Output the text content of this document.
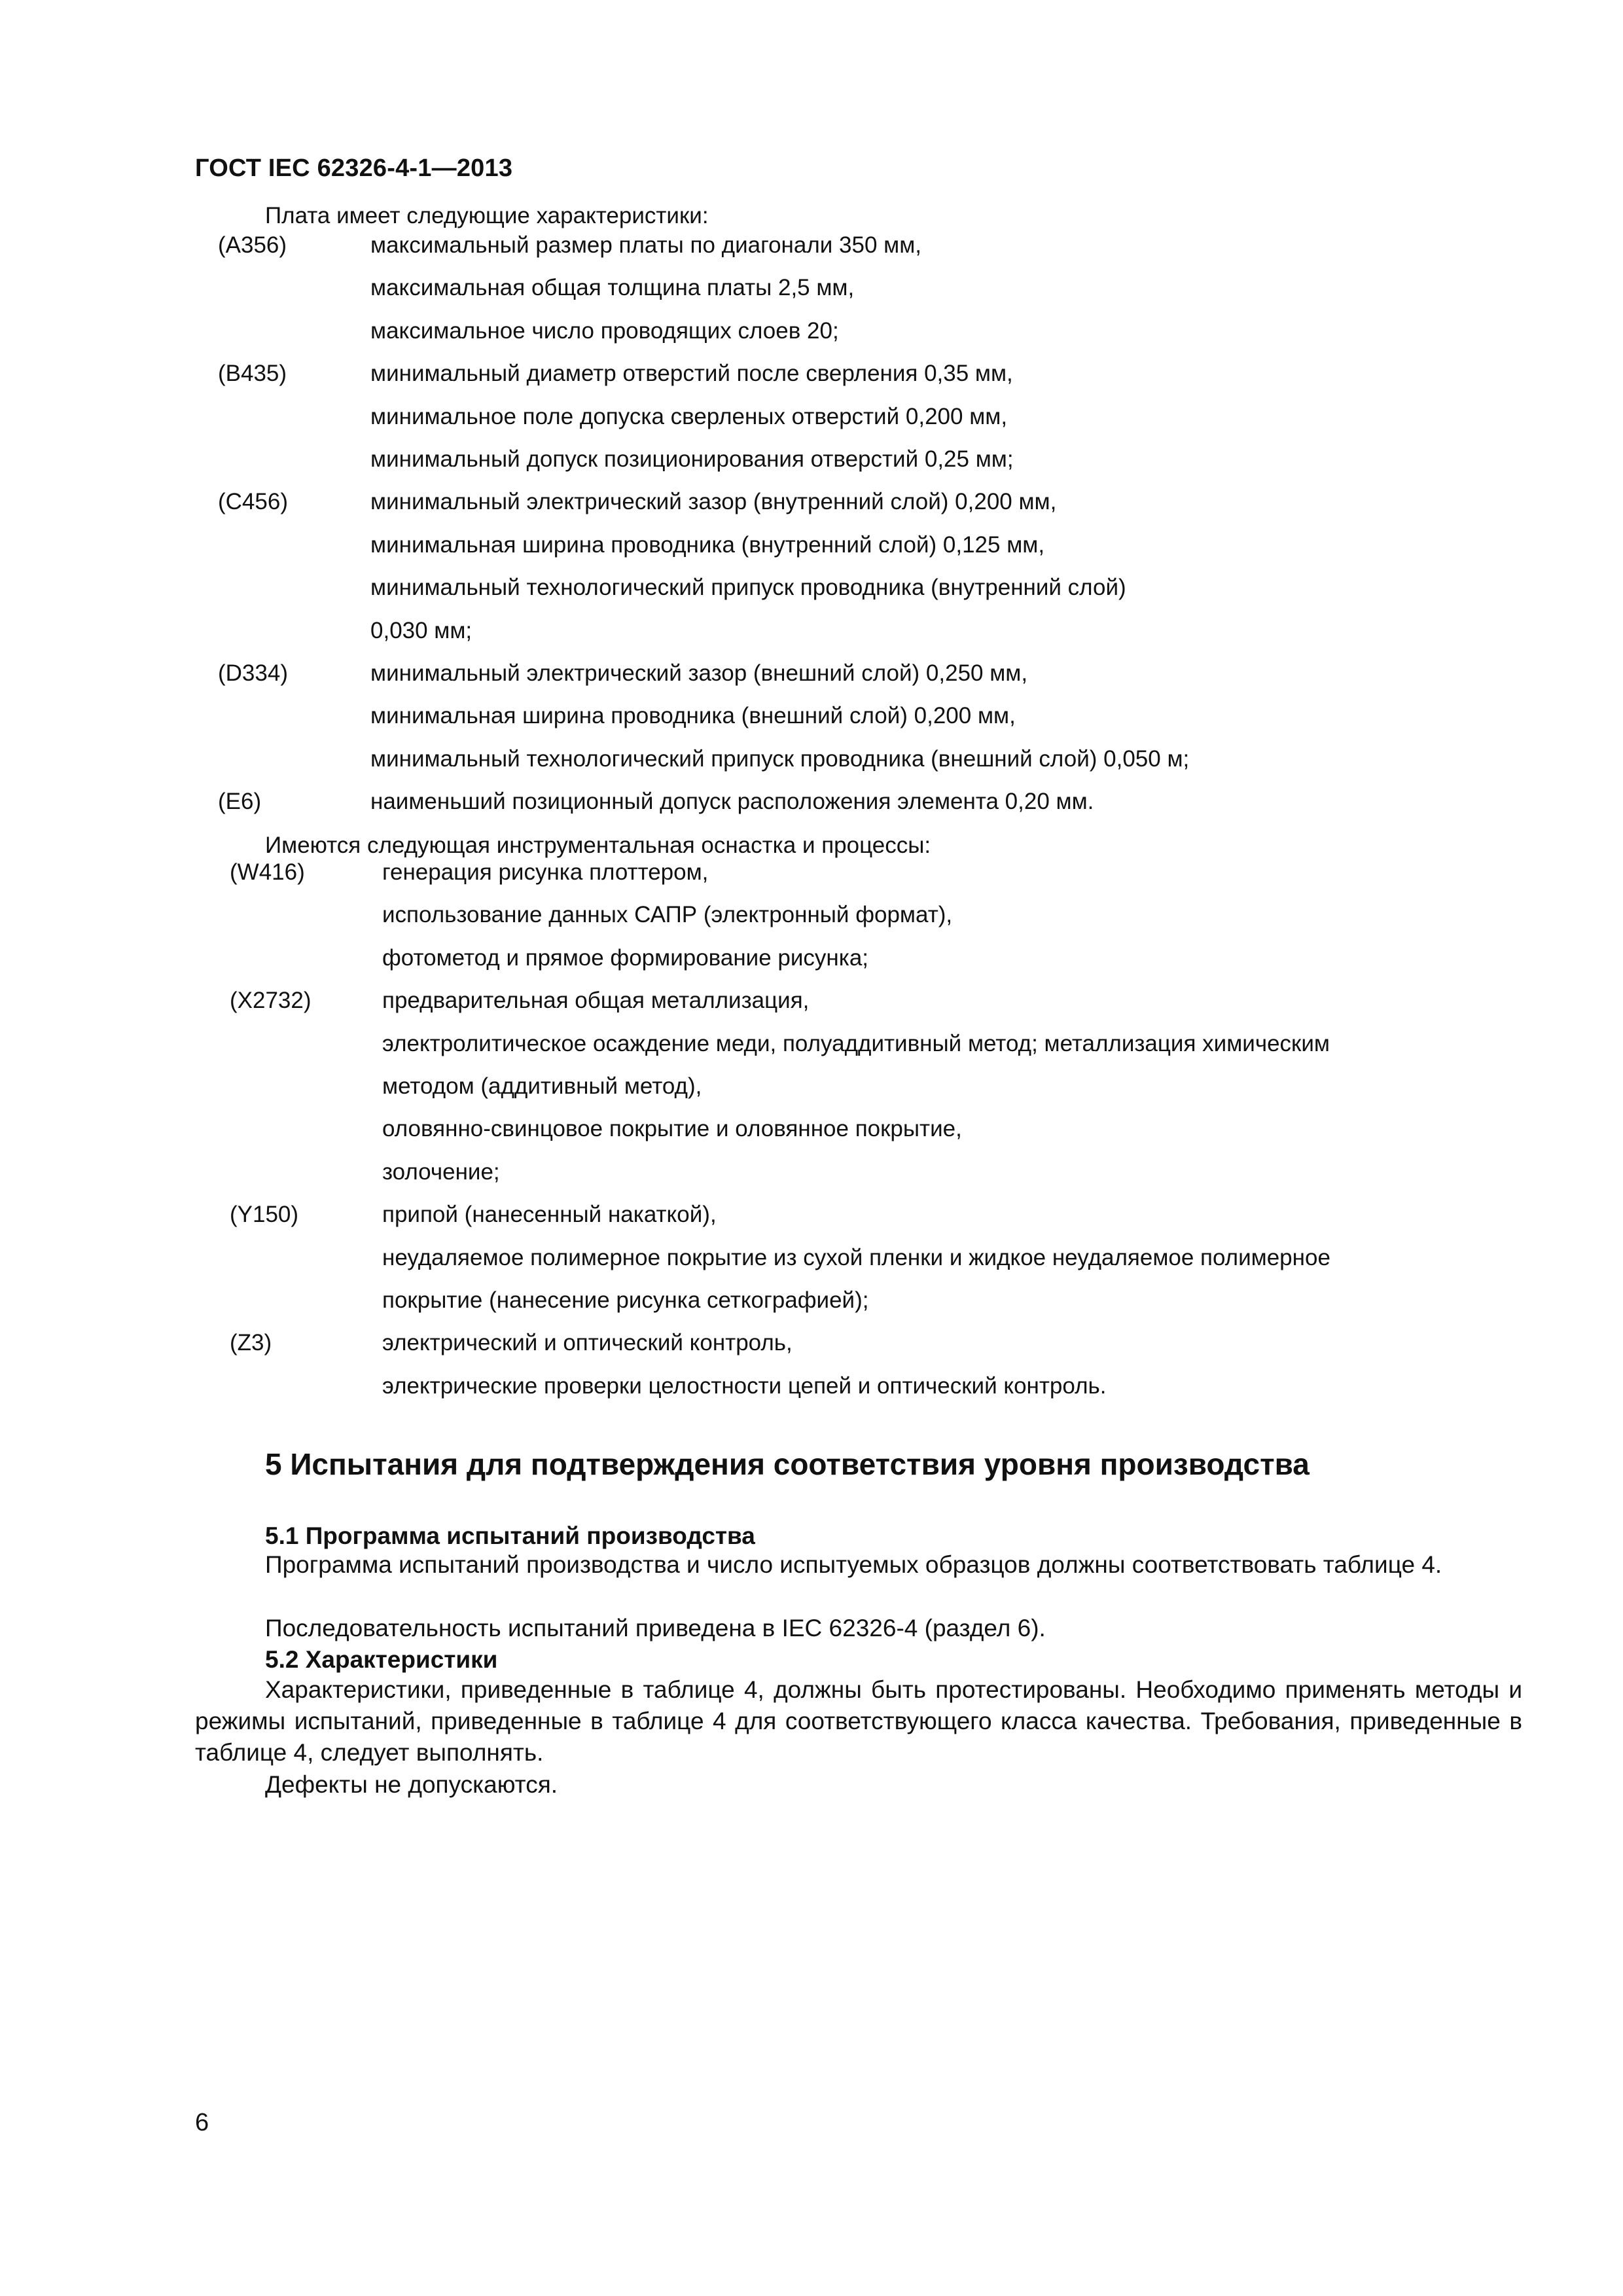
ГОСТ IEC 62326-4-1—2013
Плата имеет следующие характеристики:
(A356)	максимальный размер платы по диагонали 350 мм,
максимальная общая толщина платы 2,5 мм,
максимальное число проводящих слоев 20;
(B435)	минимальный диаметр отверстий после сверления 0,35 мм,
минимальное поле допуска сверленых отверстий 0,200 мм,
минимальный допуск позиционирования отверстий 0,25 мм;
(C456)	минимальный электрический зазор (внутренний слой) 0,200 мм,
минимальная ширина проводника (внутренний слой) 0,125 мм,
минимальный технологический припуск проводника (внутренний слой)
0,030 мм;
(D334)	минимальный электрический зазор (внешний слой) 0,250 мм,
минимальная ширина проводника (внешний слой) 0,200 мм,
минимальный технологический припуск проводника (внешний слой) 0,050 м;
(E6)	наименьший позиционный допуск расположения элемента 0,20 мм.
Имеются следующая инструментальная оснастка и процессы:
(W416)	генерация рисунка плоттером,
использование данных САПР (электронный формат),
фотометод и прямое формирование рисунка;
(X2732)	предварительная общая металлизация,
электролитическое осаждение меди, полуаддитивный метод; металлизация химическим
методом (аддитивный метод),
оловянно-свинцовое покрытие и оловянное покрытие,
золочение;
(Y150)	припой (нанесенный накаткой),
неудаляемое полимерное покрытие из сухой пленки и жидкое неудаляемое полимерное
покрытие (нанесение рисунка сеткографией);
(Z3)	электрический и оптический контроль,
электрические проверки целостности цепей и оптический контроль.
5 Испытания для подтверждения соответствия уровня производства
5.1 Программа испытаний производства
Программа испытаний производства и число испытуемых образцов должны соответствовать таблице 4.
Последовательность испытаний приведена в IEC 62326-4 (раздел 6).
5.2 Характеристики
Характеристики, приведенные в таблице 4, должны быть протестированы. Необходимо применять методы и режимы испытаний, приведенные в таблице 4 для соответствующего класса качества. Требования, приведенные в таблице 4, следует выполнять.
Дефекты не допускаются.
6
